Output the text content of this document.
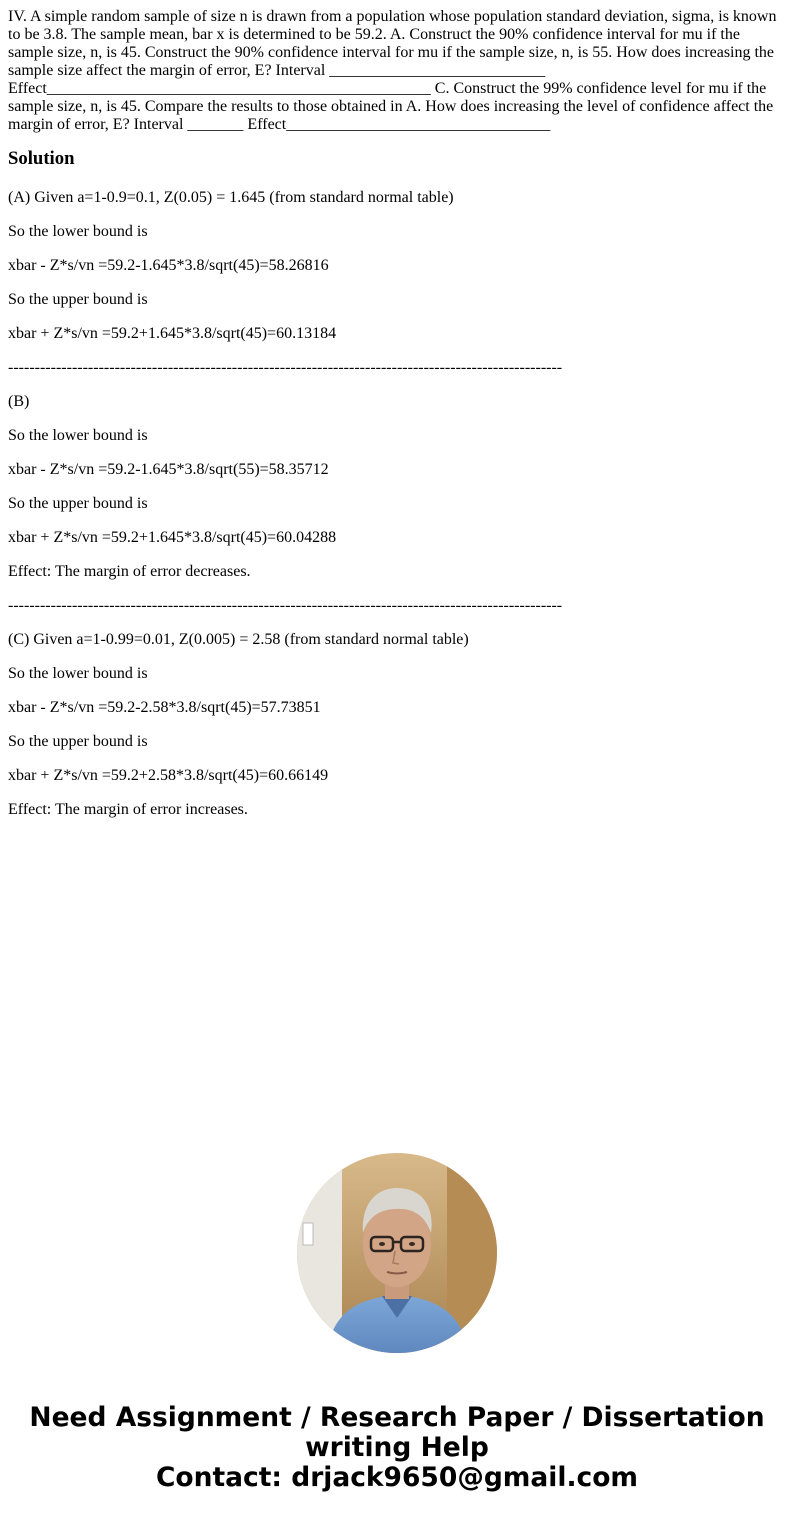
IV. A simple random sample of size n is drawn from a population whose population standard deviation, sigma, is known to be 3.8. The sample mean, bar x is determined to be 59.2. A. Construct the 90% confidence interval for mu if the sample size, n, is 45. Construct the 90% confidence interval for mu if the sample size, n, is 55. How does increasing the sample size affect the margin of error, E? Interval ___________________________ Effect________________________________________________ C. Construct the 99% confidence level for mu if the sample size, n, is 45. Compare the results to those obtained in A. How does increasing the level of confidence affect the margin of error, E? Interval _______ Effect_________________________________

Solution

(A) Given a=1-0.9=0.1, Z(0.05) = 1.645 (from standard normal table)

So the lower bound is

xbar - Z*s/vn =59.2-1.645*3.8/sqrt(45)=58.26816

So the upper bound is

xbar + Z*s/vn =59.2+1.645*3.8/sqrt(45)=60.13184

--------------------------------------------------------------------------------------------------------

(B)

So the lower bound is

xbar - Z*s/vn =59.2-1.645*3.8/sqrt(55)=58.35712

So the upper bound is

xbar + Z*s/vn =59.2+1.645*3.8/sqrt(45)=60.04288

Effect: The margin of error decreases.

--------------------------------------------------------------------------------------------------------

(C) Given a=1-0.99=0.01, Z(0.005) = 2.58 (from standard normal table)

So the lower bound is

xbar - Z*s/vn =59.2-2.58*3.8/sqrt(45)=57.73851

So the upper bound is

xbar + Z*s/vn =59.2+2.58*3.8/sqrt(45)=60.66149

Effect: The margin of error increases.

Need Assignment / Research Paper / Dissertation
writing Help
Contact: drjack9650@gmail.com
